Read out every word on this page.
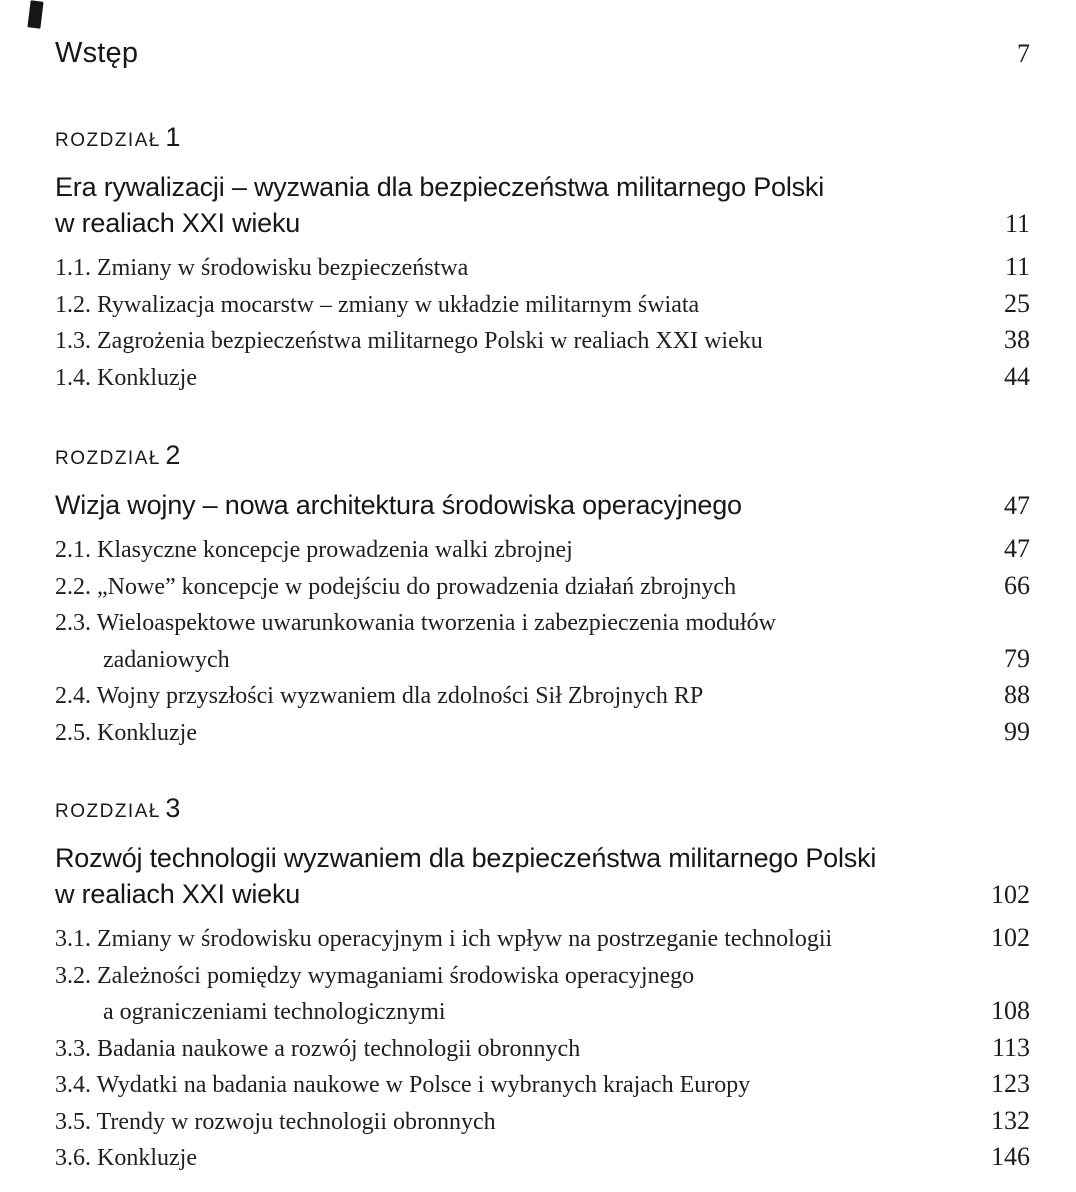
Wstęp	7
ROZDZIAŁ 1
Era rywalizacji – wyzwania dla bezpieczeństwa militarnego Polski
w realiach XXI wieku	11
1.1. Zmiany w środowisku bezpieczeństwa	11
1.2. Rywalizacja mocarstw – zmiany w układzie militarnym świata	25
1.3. Zagrożenia bezpieczeństwa militarnego Polski w realiach XXI wieku	38
1.4. Konkluzje	44
ROZDZIAŁ 2
Wizja wojny – nowa architektura środowiska operacyjnego	47
2.1. Klasyczne koncepcje prowadzenia walki zbrojnej	47
2.2. „Nowe” koncepcje w podejściu do prowadzenia działań zbrojnych	66
2.3. Wieloaspektowe uwarunkowania tworzenia i zabezpieczenia modułów
zadaniowych	79
2.4. Wojny przyszłości wyzwaniem dla zdolności Sił Zbrojnych RP	88
2.5. Konkluzje	99
ROZDZIAŁ 3
Rozwój technologii wyzwaniem dla bezpieczeństwa militarnego Polski
w realiach XXI wieku	102
3.1. Zmiany w środowisku operacyjnym i ich wpływ na postrzeganie technologii	102
3.2. Zależności pomiędzy wymaganiami środowiska operacyjnego
a ograniczeniami technologicznymi	108
3.3. Badania naukowe a rozwój technologii obronnych	113
3.4. Wydatki na badania naukowe w Polsce i wybranych krajach Europy	123
3.5. Trendy w rozwoju technologii obronnych	132
3.6. Konkluzje	146
